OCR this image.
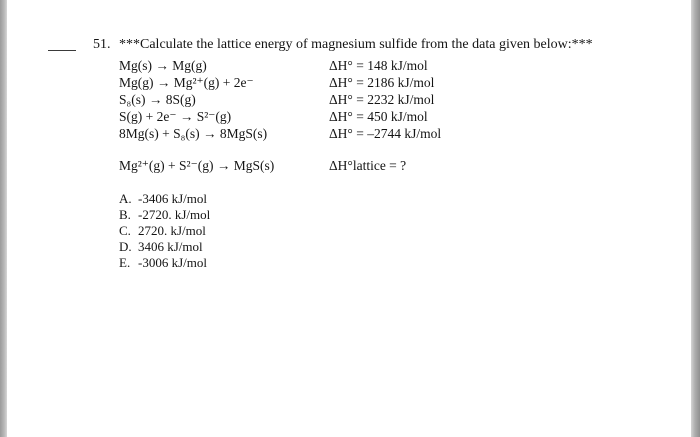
51. ***Calculate the lattice energy of magnesium sulfide from the data given below:***
Mg(s) → Mg(g)	ΔH° = 148 kJ/mol
Mg(g) → Mg²⁺(g) + 2e⁻	ΔH° = 2186 kJ/mol
S₈(s) → 8S(g)	ΔH° = 2232 kJ/mol
S(g) + 2e⁻ → S²⁻(g)	ΔH° = 450 kJ/mol
8Mg(s) + S₈(s) → 8MgS(s)	ΔH° = –2744 kJ/mol
Mg²⁺(g) + S²⁻(g) → MgS(s)	ΔH°lattice = ?
A. -3406 kJ/mol
B. -2720. kJ/mol
C. 2720. kJ/mol
D. 3406 kJ/mol
E. -3006 kJ/mol
